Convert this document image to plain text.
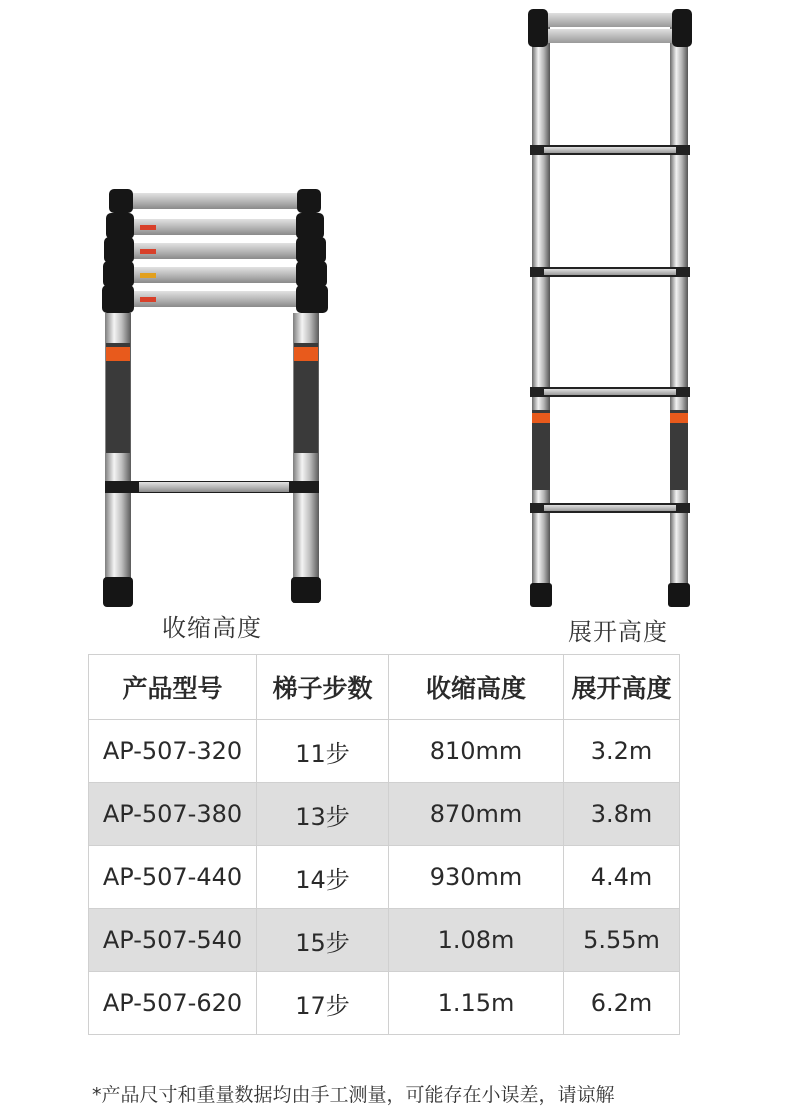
收缩高度	展开高度
产品型号	梯子步数	收缩高度	展开高度
AP-507-320	11步	810mm	3.2m
AP-507-380	13步	870mm	3.8m
AP-507-440	14步	930mm	4.4m
AP-507-540	15步	1.08m	5.55m
AP-507-620	17步	1.15m	6.2m
*产品尺寸和重量数据均由手工测量，可能存在小误差，请谅解
